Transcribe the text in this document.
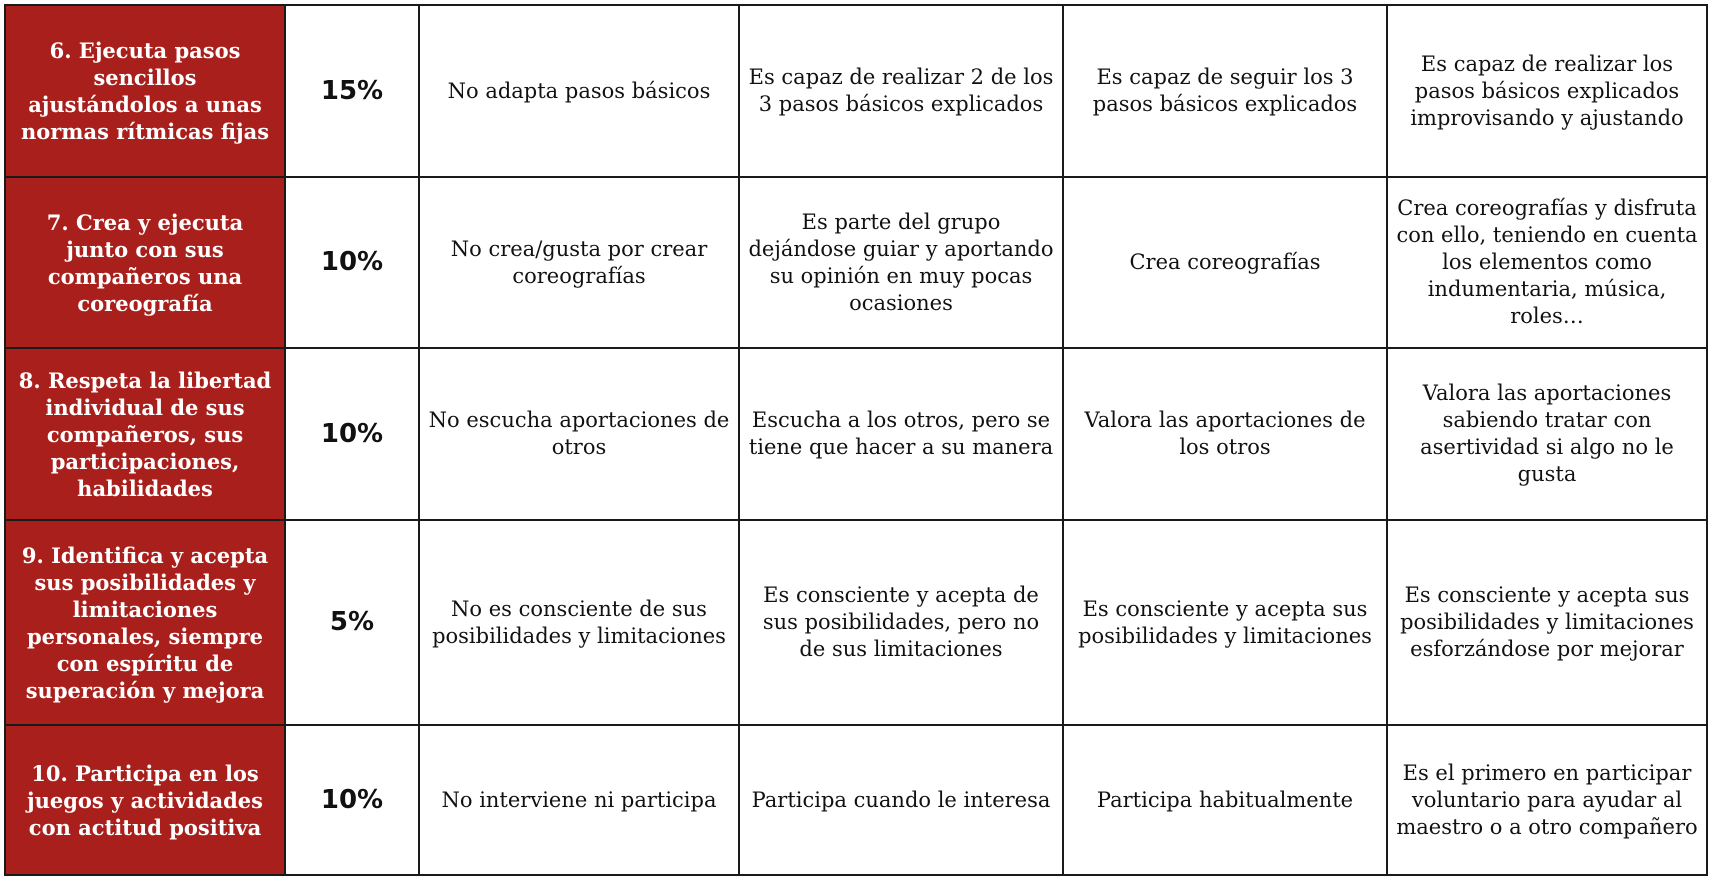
6. Ejecuta pasos sencillos ajustándolos a unas normas rítmicas fijas	15%	No adapta pasos básicos	Es capaz de realizar 2 de los 3 pasos básicos explicados	Es capaz de seguir los 3 pasos básicos explicados	Es capaz de realizar los pasos básicos explicados improvisando y ajustando
7. Crea y ejecuta junto con sus compañeros una coreografía	10%	No crea/gusta por crear coreografías	Es parte del grupo dejándose guiar y aportando su opinión en muy pocas ocasiones	Crea coreografías	Crea coreografías y disfruta con ello, teniendo en cuenta los elementos como indumentaria, música, roles…
8. Respeta la libertad individual de sus compañeros, sus participaciones, habilidades	10%	No escucha aportaciones de otros	Escucha a los otros, pero se tiene que hacer a su manera	Valora las aportaciones de los otros	Valora las aportaciones sabiendo tratar con asertividad si algo no le gusta
9. Identifica y acepta sus posibilidades y limitaciones personales, siempre con espíritu de superación y mejora	5%	No es consciente de sus posibilidades y limitaciones	Es consciente y acepta de sus posibilidades, pero no de sus limitaciones	Es consciente y acepta sus posibilidades y limitaciones	Es consciente y acepta sus posibilidades y limitaciones esforzándose por mejorar
10. Participa en los juegos y actividades con actitud positiva	10%	No interviene ni participa	Participa cuando le interesa	Participa habitualmente	Es el primero en participar voluntario para ayudar al maestro o a otro compañero
